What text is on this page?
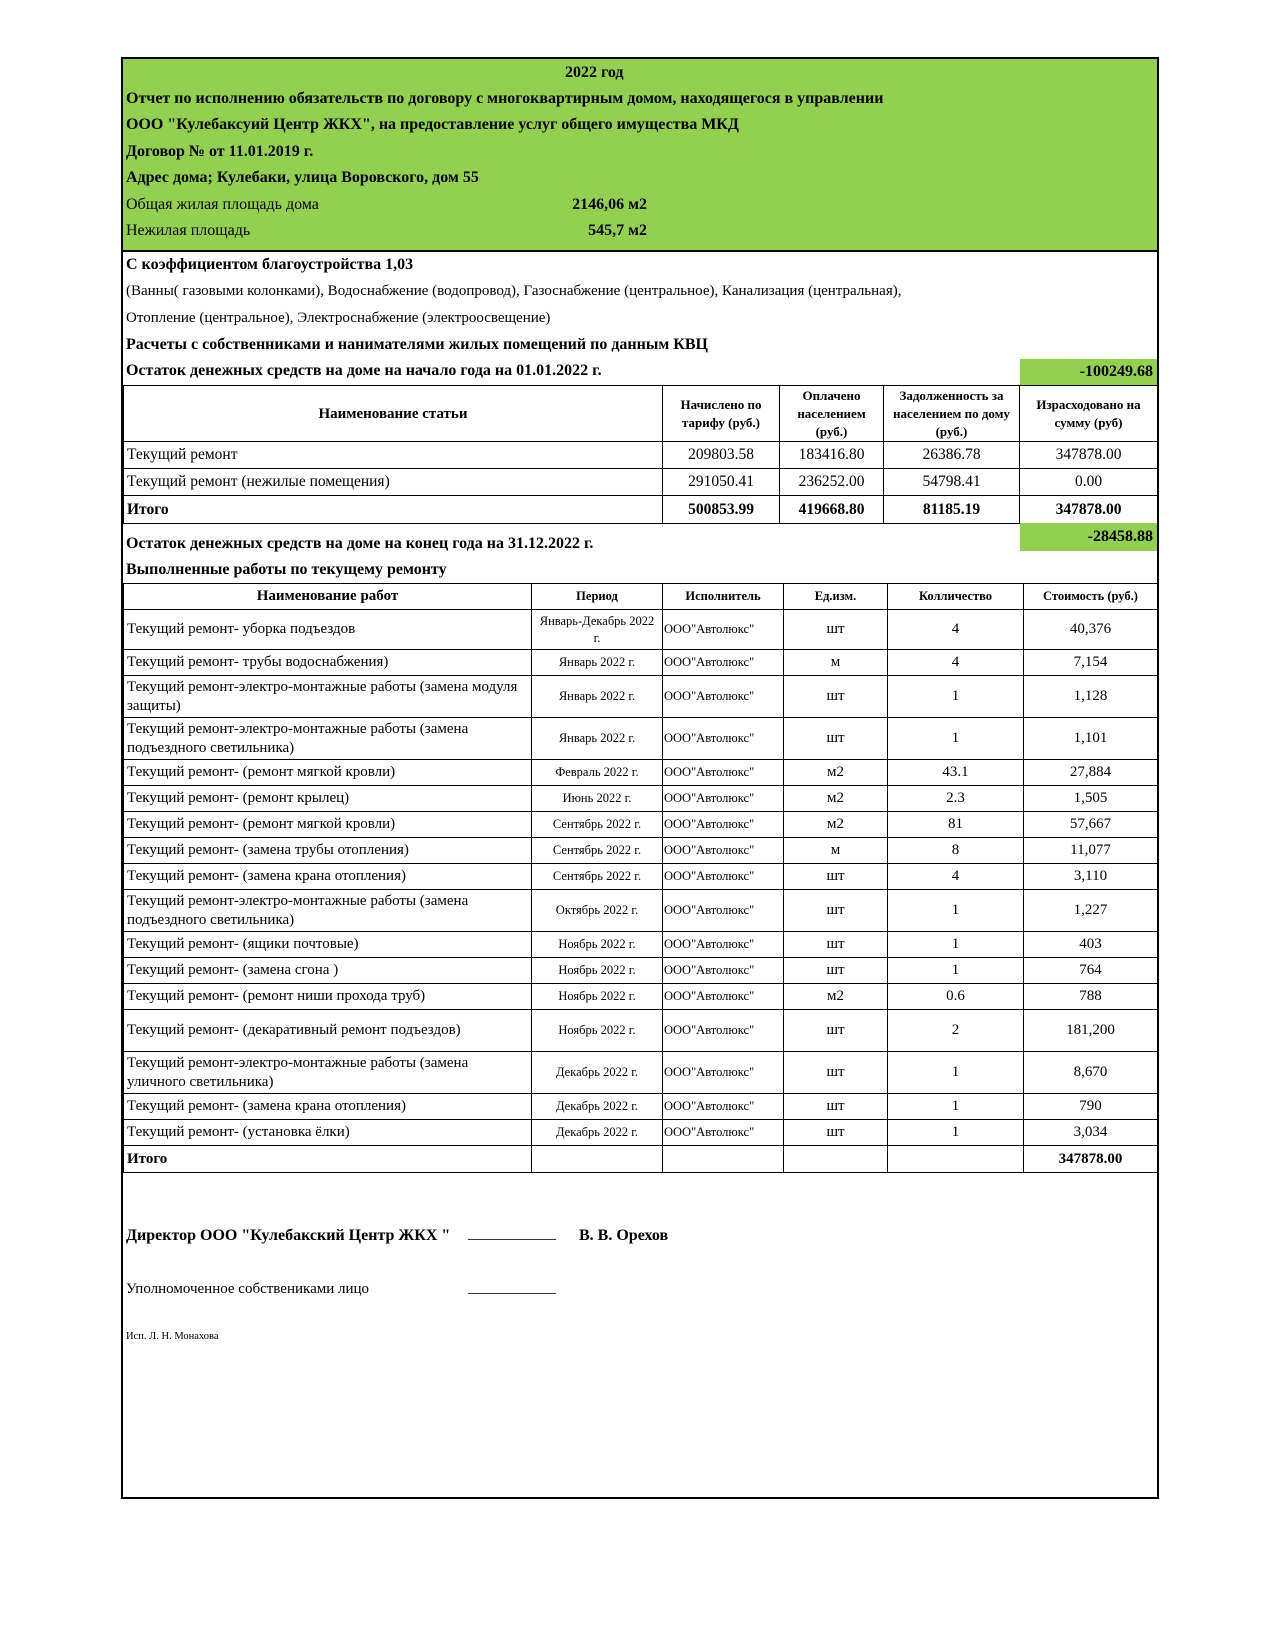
2022 год
Отчет по исполнению обязательств по договору с многоквартирным домом, находящегося в управлении
ООО "Кулебаксуий Центр ЖКХ", на предоставление услуг общего имущества МКД
Договор № от 11.01.2019 г.
Адрес дома; Кулебаки, улица Воровского, дом 55
Общая жилая площадь дома	2146,06 м2
Нежилая площадь	545,7 м2
С коэффициентом благоустройства 1,03
(Ванны( газовыми колонками), Водоснабжение (водопровод), Газоснабжение (центральное), Канализация (центральная),
Отопление (центральное), Электроснабжение (электроосвещение)
Расчеты с собственниками и нанимателями жилых помещений по данным КВЦ
Остаток денежных средств на доме на начало года на 01.01.2022 г.	-100249.68
Наименование статьи	Начислено по тарифу (руб.)	Оплачено населением (руб.)	Задолженность за населением по дому (руб.)	Израсходовано на сумму (руб)
Текущий ремонт	209803.58	183416.80	26386.78	347878.00
Текущий ремонт (нежилые помещения)	291050.41	236252.00	54798.41	0.00
Итого	500853.99	419668.80	81185.19	347878.00
Остаток денежных средств на доме на конец года на 31.12.2022 г.	-28458.88
Выполненные работы по текущему ремонту
Наименование работ	Период	Исполнитель	Ед.изм.	Колличество	Стоимость (руб.)
Текущий ремонт- уборка подъездов	Январь-Декабрь 2022 г.	ООО"Автолюкс"	шт	4	40,376
Текущий ремонт- трубы водоснабжения)	Январь 2022 г.	ООО"Автолюкс"	м	4	7,154
Текущий ремонт-электро-монтажные работы (замена модуля защиты)	Январь 2022 г.	ООО"Автолюкс"	шт	1	1,128
Текущий ремонт-электро-монтажные работы (замена подъездного светильника)	Январь 2022 г.	ООО"Автолюкс"	шт	1	1,101
Текущий ремонт- (ремонт мягкой кровли)	Февраль 2022 г.	ООО"Автолюкс"	м2	43.1	27,884
Текущий ремонт- (ремонт крылец)	Июнь 2022 г.	ООО"Автолюкс"	м2	2.3	1,505
Текущий ремонт- (ремонт мягкой кровли)	Сентябрь 2022 г.	ООО"Автолюкс"	м2	81	57,667
Текущий ремонт- (замена трубы отопления)	Сентябрь 2022 г.	ООО"Автолюкс"	м	8	11,077
Текущий ремонт- (замена крана отопления)	Сентябрь 2022 г.	ООО"Автолюкс"	шт	4	3,110
Текущий ремонт-электро-монтажные работы (замена подъездного светильника)	Октябрь 2022 г.	ООО"Автолюкс"	шт	1	1,227
Текущий ремонт- (ящики почтовые)	Ноябрь 2022 г.	ООО"Автолюкс"	шт	1	403
Текущий ремонт- (замена сгона )	Ноябрь 2022 г.	ООО"Автолюкс"	шт	1	764
Текущий ремонт- (ремонт ниши прохода труб)	Ноябрь 2022 г.	ООО"Автолюкс"	м2	0.6	788
Текущий ремонт- (декаративный ремонт подъездов)	Ноябрь 2022 г.	ООО"Автолюкс"	шт	2	181,200
Текущий ремонт-электро-монтажные работы (замена уличного светильника)	Декабрь 2022 г.	ООО"Автолюкс"	шт	1	8,670
Текущий ремонт- (замена крана отопления)	Декабрь 2022 г.	ООО"Автолюкс"	шт	1	790
Текущий ремонт- (установка ёлки)	Декабрь 2022 г.	ООО"Автолюкс"	шт	1	3,034
Итого					347878.00
Директор ООО "Кулебакский Центр ЖКХ " ___________ В. В. Орехов
Уполномоченное собствениками лицо	___________
Исп. Л. Н. Монахова
